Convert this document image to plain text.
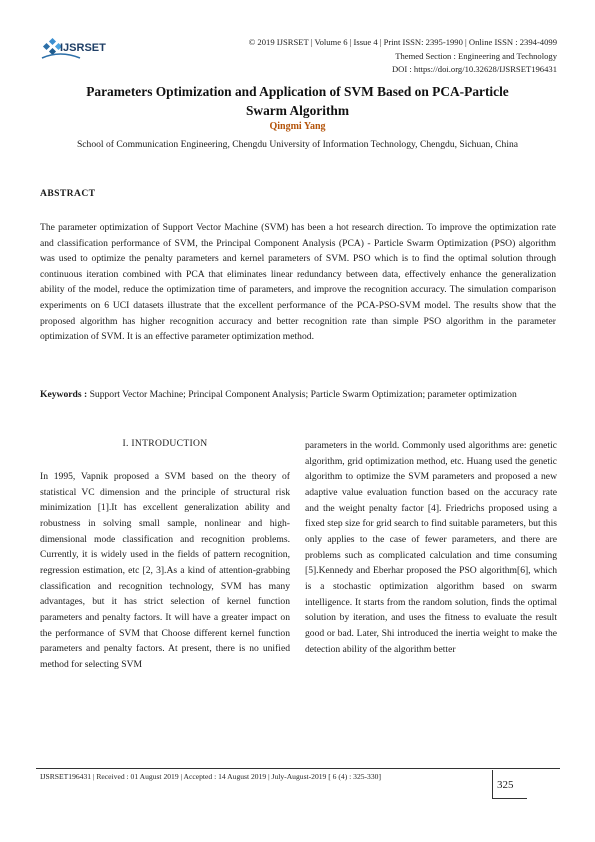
IJSRSET	© 2019 IJSRSET | Volume 6 | Issue 4 | Print ISSN: 2395-1990 | Online ISSN : 2394-4099
Themed Section : Engineering and Technology
DOI : https://doi.org/10.32628/IJSRSET196431
Parameters Optimization and Application of SVM Based on PCA-Particle
Swarm Algorithm
Qingmi Yang
School of Communication Engineering, Chengdu University of Information Technology, Chengdu, Sichuan, China
ABSTRACT
The parameter optimization of Support Vector Machine (SVM) has been a hot research direction. To improve the optimization rate and classification performance of SVM, the Principal Component Analysis (PCA) - Particle Swarm Optimization (PSO) algorithm was used to optimize the penalty parameters and kernel parameters of SVM. PSO which is to find the optimal solution through continuous iteration combined with PCA that eliminates linear redundancy between data, effectively enhance the generalization ability of the model, reduce the optimization time of parameters, and improve the recognition accuracy. The simulation comparison experiments on 6 UCI datasets illustrate that the excellent performance of the PCA-PSO-SVM model. The results show that the proposed algorithm has higher recognition accuracy and better recognition rate than simple PSO algorithm in the parameter optimization of SVM. It is an effective parameter optimization method.
Keywords : Support Vector Machine; Principal Component Analysis; Particle Swarm Optimization; parameter optimization
I. INTRODUCTION
In 1995, Vapnik proposed a SVM based on the theory of statistical VC dimension and the principle of structural risk minimization [1].It has excellent generalization ability and robustness in solving small sample, nonlinear and high-dimensional mode classification and recognition problems. Currently, it is widely used in the fields of pattern recognition, regression estimation, etc [2, 3].As a kind of attention-grabbing classification and recognition technology, SVM has many advantages, but it has strict selection of kernel function parameters and penalty factors. It will have a greater impact on the performance of SVM that Choose different kernel function parameters and penalty factors. At present, there is no unified method for selecting SVM
parameters in the world. Commonly used algorithms are: genetic algorithm, grid optimization method, etc. Huang used the genetic algorithm to optimize the SVM parameters and proposed a new adaptive value evaluation function based on the accuracy rate and the weight penalty factor [4]. Friedrichs proposed using a fixed step size for grid search to find suitable parameters, but this only applies to the case of fewer parameters, and there are problems such as complicated calculation and time consuming [5].Kennedy and Eberhar proposed the PSO algorithm[6], which is a stochastic optimization algorithm based on swarm intelligence. It starts from the random solution, finds the optimal solution by iteration, and uses the fitness to evaluate the result good or bad. Later, Shi introduced the inertia weight to make the detection ability of the algorithm better
IJSRSET196431 | Received : 01 August 2019 | Accepted : 14 August 2019 | July-August-2019 [ 6 (4) : 325-330]
325
